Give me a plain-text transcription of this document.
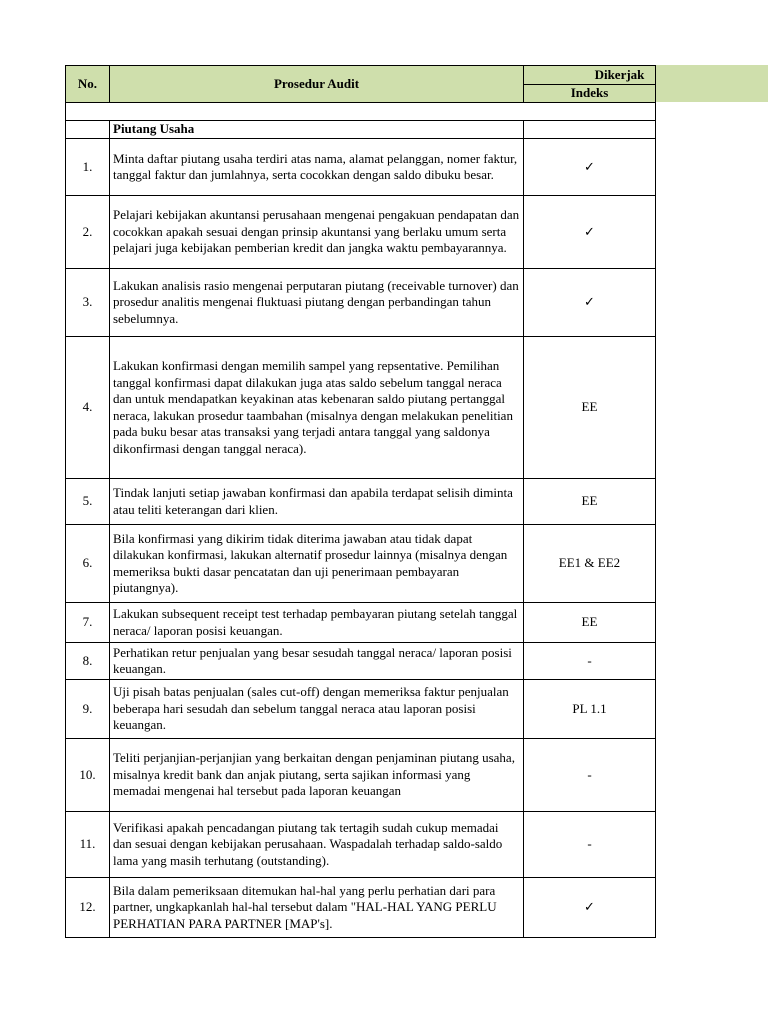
No.	Prosedur Audit	Dikerjak
		Indeks

	Piutang Usaha	
1.	Minta daftar piutang usaha terdiri atas nama, alamat pelanggan, nomer faktur, tanggal faktur dan jumlahnya, serta cocokkan dengan saldo dibuku besar.	✓
2.	Pelajari kebijakan akuntansi perusahaan mengenai pengakuan pendapatan dan cocokkan apakah sesuai dengan prinsip akuntansi yang berlaku umum serta pelajari juga kebijakan pemberian kredit dan jangka waktu pembayarannya.	✓
3.	Lakukan analisis rasio mengenai perputaran piutang (receivable turnover) dan prosedur analitis mengenai fluktuasi piutang dengan perbandingan tahun sebelumnya.	✓
4.	Lakukan konfirmasi dengan memilih sampel yang repsentative. Pemilihan tanggal konfirmasi dapat dilakukan juga atas saldo sebelum tanggal neraca dan untuk mendapatkan keyakinan atas kebenaran saldo piutang pertanggal neraca, lakukan prosedur taambahan (misalnya dengan melakukan penelitian pada buku besar atas transaksi yang terjadi antara tanggal yang saldonya dikonfirmasi dengan tanggal neraca).	EE
5.	Tindak lanjuti setiap jawaban konfirmasi dan apabila terdapat selisih diminta atau teliti keterangan dari klien.	EE
6.	Bila konfirmasi yang dikirim tidak diterima jawaban atau tidak dapat dilakukan konfirmasi, lakukan alternatif prosedur lainnya (misalnya dengan memeriksa bukti dasar pencatatan dan uji penerimaan pembayaran piutangnya).	EE1 & EE2
7.	Lakukan subsequent receipt test terhadap pembayaran piutang setelah tanggal neraca/ laporan posisi keuangan.	EE
8.	Perhatikan retur penjualan yang besar sesudah tanggal neraca/ laporan posisi keuangan.	-
9.	Uji pisah batas penjualan (sales cut-off) dengan memeriksa faktur penjualan beberapa hari sesudah dan sebelum tanggal neraca atau laporan posisi keuangan.	PL 1.1
10.	Teliti perjanjian-perjanjian yang berkaitan dengan penjaminan piutang usaha, misalnya kredit bank dan anjak piutang, serta sajikan informasi yang memadai mengenai hal tersebut pada laporan keuangan	-
11.	Verifikasi apakah pencadangan piutang tak tertagih sudah cukup memadai dan sesuai dengan kebijakan perusahaan. Waspadalah terhadap saldo-saldo lama yang masih terhutang (outstanding).	-
12.	Bila dalam pemeriksaan ditemukan hal-hal yang perlu perhatian dari para partner, ungkapkanlah hal-hal tersebut dalam "HAL-HAL YANG PERLU PERHATIAN PARA PARTNER [MAP's].	✓
